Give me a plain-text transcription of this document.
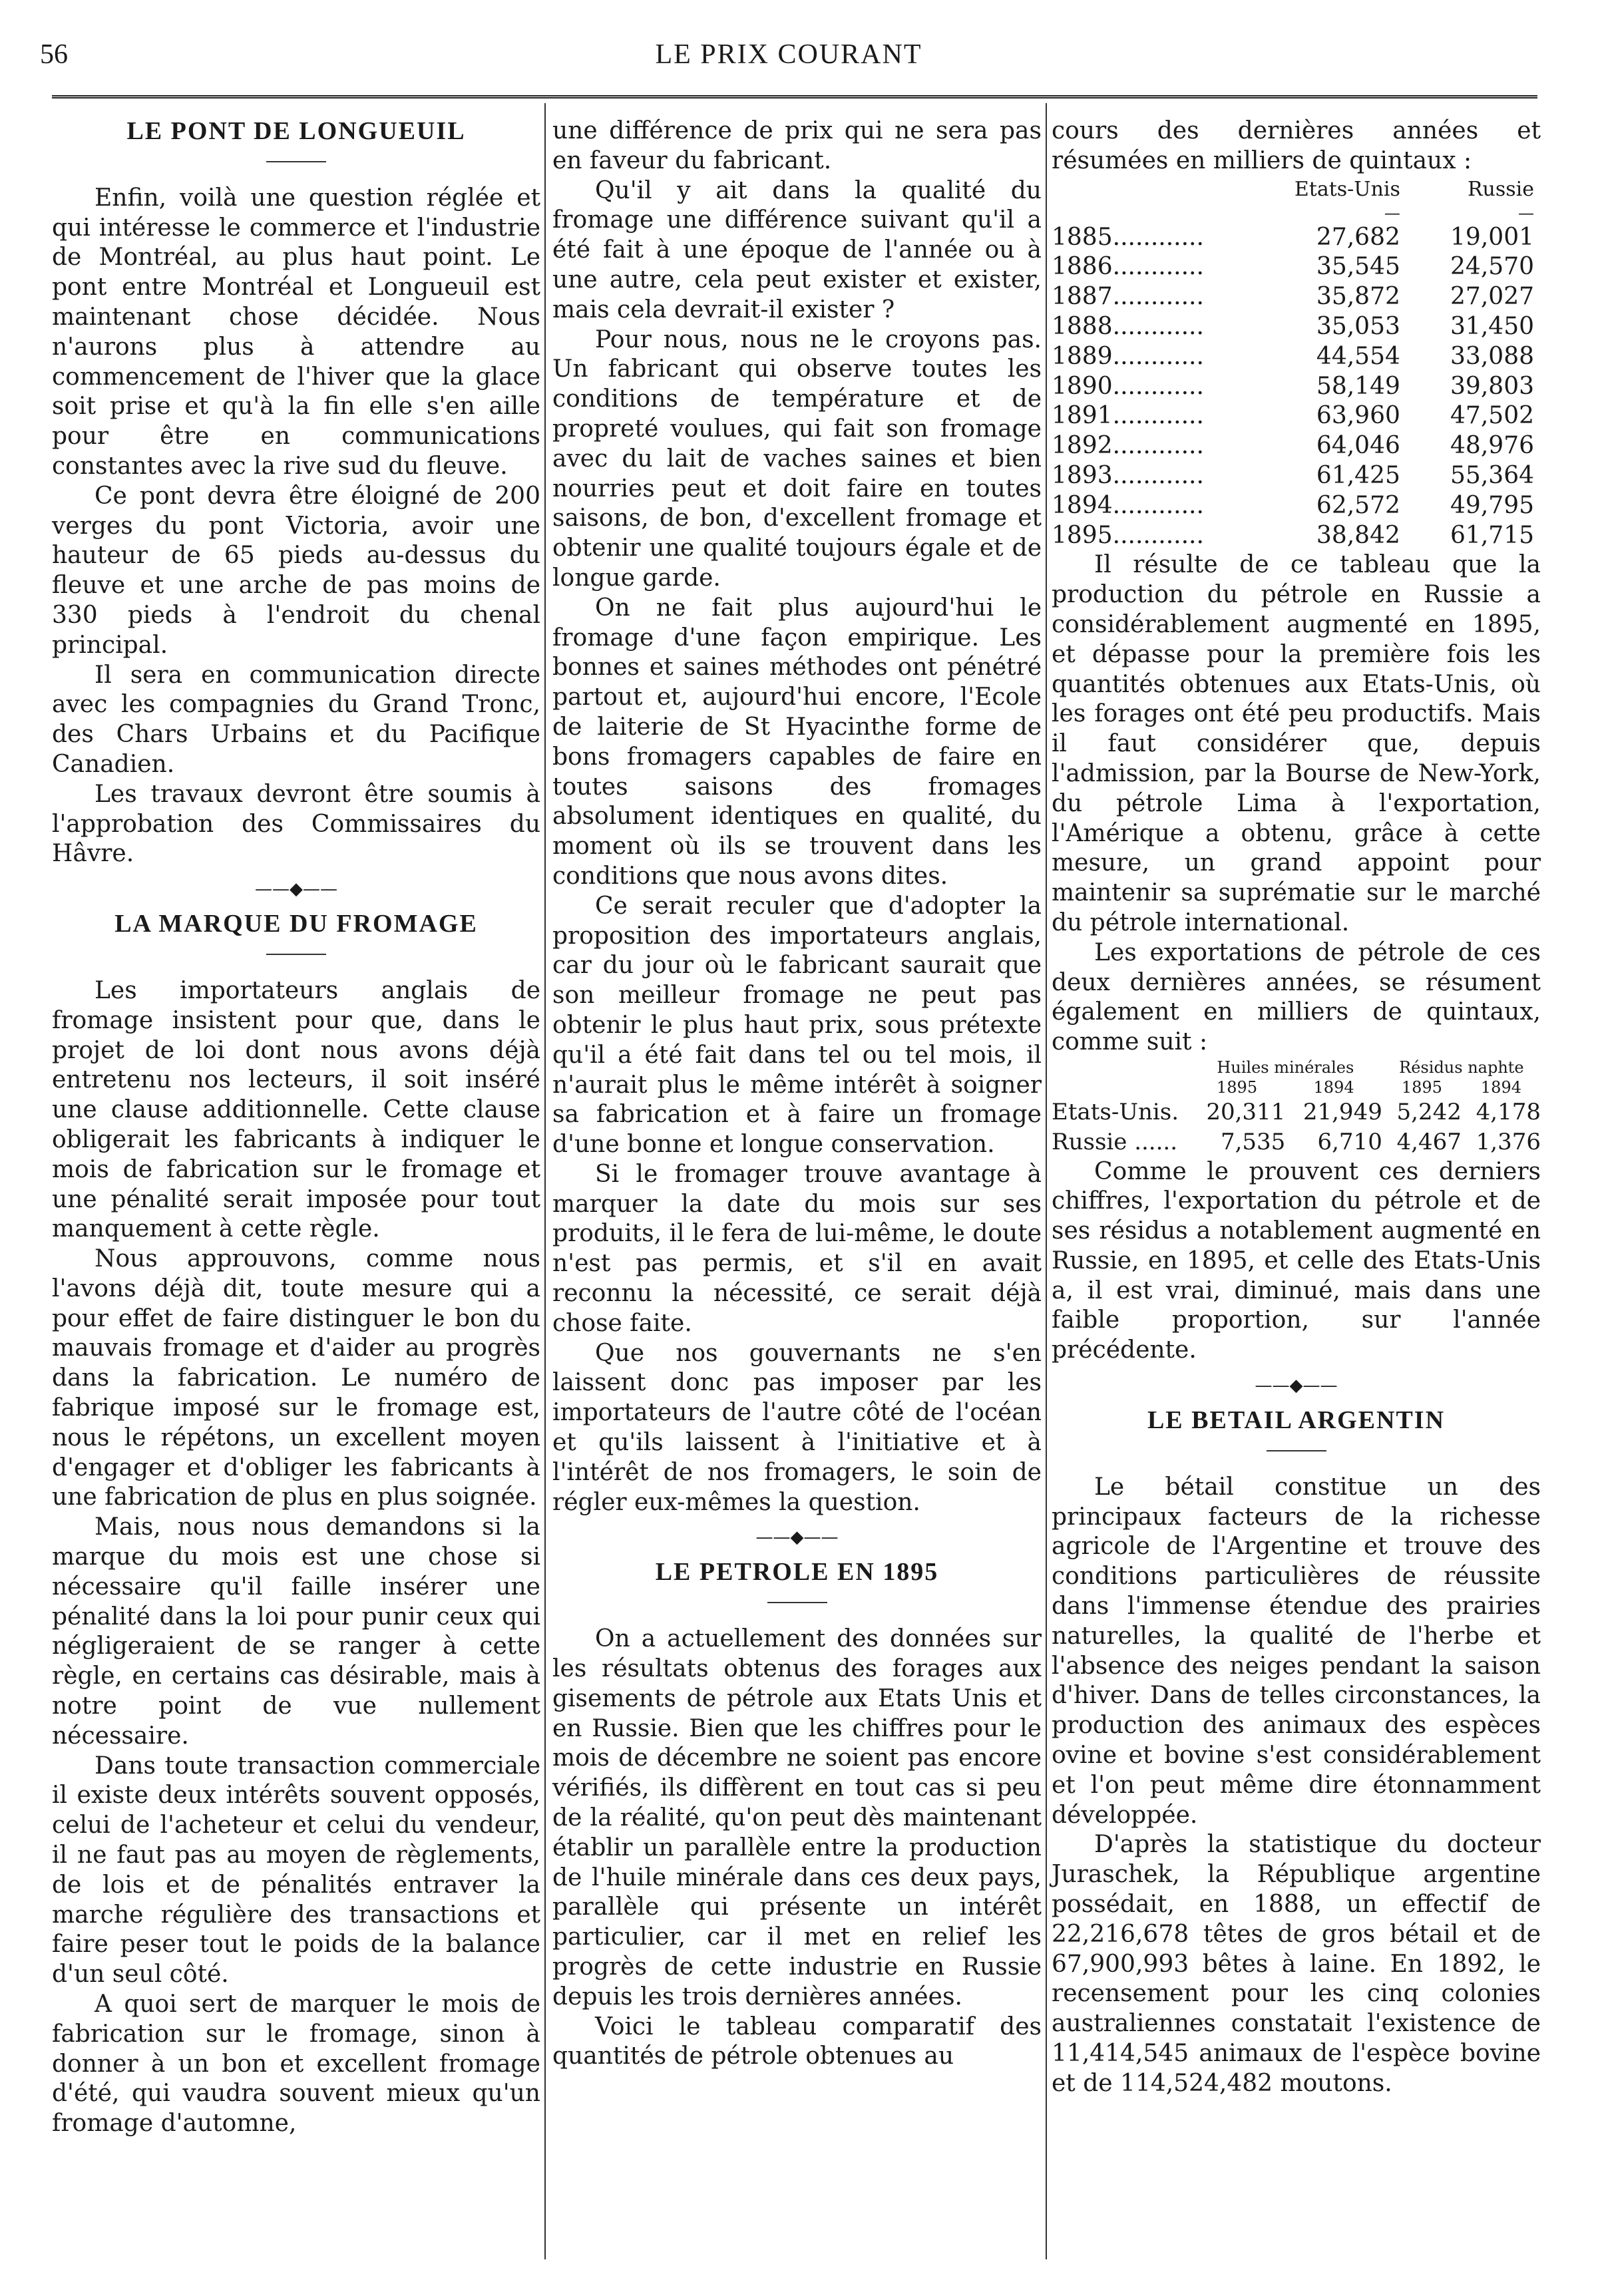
56	LE PRIX COURANT
LE PONT DE LONGUEUIL

Enfin, voilà une question réglée et qui intéresse le commerce et l'industrie de Montréal, au plus haut point. Le pont entre Montréal et Longueuil est maintenant chose décidée. Nous n'aurons plus à attendre au commencement de l'hiver que la glace soit prise et qu'à la fin elle s'en aille pour être en communications constantes avec la rive sud du fleuve.

Ce pont devra être éloigné de 200 verges du pont Victoria, avoir une hauteur de 65 pieds au-dessus du fleuve et une arche de pas moins de 330 pieds à l'endroit du chenal principal.

Il sera en communication directe avec les compagnies du Grand Tronc, des Chars Urbains et du Pacifique Canadien.

Les travaux devront être soumis à l'approbation des Commissaires du Hâvre.

——◆——
LA MARQUE DU FROMAGE

Les importateurs anglais de fromage insistent pour que, dans le projet de loi dont nous avons déjà entretenu nos lecteurs, il soit inséré une clause additionnelle. Cette clause obligerait les fabricants à indiquer le mois de fabrication sur le fromage et une pénalité serait imposée pour tout manquement à cette règle.

Nous approuvons, comme nous l'avons déjà dit, toute mesure qui a pour effet de faire distinguer le bon du mauvais fromage et d'aider au progrès dans la fabrication. Le numéro de fabrique imposé sur le fromage est, nous le répétons, un excellent moyen d'engager et d'obliger les fabricants à une fabrication de plus en plus soignée.

Mais, nous nous demandons si la marque du mois est une chose si nécessaire qu'il faille insérer une pénalité dans la loi pour punir ceux qui négligeraient de se ranger à cette règle, en certains cas désirable, mais à notre point de vue nullement nécessaire.

Dans toute transaction commerciale il existe deux intérêts souvent opposés, celui de l'acheteur et celui du vendeur, il ne faut pas au moyen de règlements, de lois et de pénalités entraver la marche régulière des transactions et faire peser tout le poids de la balance d'un seul côté.

A quoi sert de marquer le mois de fabrication sur le fromage, sinon à donner à un bon et excellent fromage d'été, qui vaudra souvent mieux qu'un fromage d'automne,

une différence de prix qui ne sera pas en faveur du fabricant.

Qu'il y ait dans la qualité du fromage une différence suivant qu'il a été fait à une époque de l'année ou à une autre, cela peut exister et exister, mais cela devrait-il exister ?

Pour nous, nous ne le croyons pas. Un fabricant qui observe toutes les conditions de température et de propreté voulues, qui fait son fromage avec du lait de vaches saines et bien nourries peut et doit faire en toutes saisons, de bon, d'excellent fromage et obtenir une qualité toujours égale et de longue garde.

On ne fait plus aujourd'hui le fromage d'une façon empirique. Les bonnes et saines méthodes ont pénétré partout et, aujourd'hui encore, l'Ecole de laiterie de St Hyacinthe forme de bons fromagers capables de faire en toutes saisons des fromages absolument identiques en qualité, du moment où ils se trouvent dans les conditions que nous avons dites.

Ce serait reculer que d'adopter la proposition des importateurs anglais, car du jour où le fabricant saurait que son meilleur fromage ne peut pas obtenir le plus haut prix, sous prétexte qu'il a été fait dans tel ou tel mois, il n'aurait plus le même intérêt à soigner sa fabrication et à faire un fromage d'une bonne et longue conservation.

Si le fromager trouve avantage à marquer la date du mois sur ses produits, il le fera de lui-même, le doute n'est pas permis, et s'il en avait reconnu la nécessité, ce serait déjà chose faite.

Que nos gouvernants ne s'en laissent donc pas imposer par les importateurs de l'autre côté de l'océan et qu'ils laissent à l'initiative et à l'intérêt de nos fromagers, le soin de régler eux-mêmes la question.

——◆——
LE PETROLE EN 1895

On a actuellement des données sur les résultats obtenus des forages aux gisements de pétrole aux Etats Unis et en Russie. Bien que les chiffres pour le mois de décembre ne soient pas encore vérifiés, ils diffèrent en tout cas si peu de la réalité, qu'on peut dès maintenant établir un parallèle entre la production de l'huile minérale dans ces deux pays, parallèle qui présente un intérêt particulier, car il met en relief les progrès de cette industrie en Russie depuis les trois dernières années.

Voici le tableau comparatif des quantités de pétrole obtenues au

cours des dernières années et résumées en milliers de quintaux :

	Etats-Unis	Russie
	—	—
1885............	27,682	19,001
1886............	35,545	24,570
1887............	35,872	27,027
1888............	35,053	31,450
1889............	44,554	33,088
1890............	58,149	39,803
1891............	63,960	47,502
1892............	64,046	48,976
1893............	61,425	55,364
1894............	62,572	49,795
1895............	38,842	61,715

Il résulte de ce tableau que la production du pétrole en Russie a considérablement augmenté en 1895, et dépasse pour la première fois les quantités obtenues aux Etats-Unis, où les forages ont été peu productifs. Mais il faut considérer que, depuis l'admission, par la Bourse de New-York, du pétrole Lima à l'exportation, l'Amérique a obtenu, grâce à cette mesure, un grand appoint pour maintenir sa suprématie sur le marché du pétrole international.

Les exportations de pétrole de ces deux dernières années, se résument également en milliers de quintaux, comme suit :

	Huiles minérales		Résidus naphte	
	1895	1894	1895	1894
Etats-Unis.	20,311	21,949	5,242	4,178
Russie ......	7,535	6,710	4,467	1,376

Comme le prouvent ces derniers chiffres, l'exportation du pétrole et de ses résidus a notablement augmenté en Russie, en 1895, et celle des Etats-Unis a, il est vrai, diminué, mais dans une faible proportion, sur l'année précédente.

——◆——
LE BETAIL ARGENTIN

Le bétail constitue un des principaux facteurs de la richesse agricole de l'Argentine et trouve des conditions particulières de réussite dans l'immense étendue des prairies naturelles, la qualité de l'herbe et l'absence des neiges pendant la saison d'hiver. Dans de telles circonstances, la production des animaux des espèces ovine et bovine s'est considérablement et l'on peut même dire étonnamment développée.

D'après la statistique du docteur Juraschek, la République argentine possédait, en 1888, un effectif de 22,216,678 têtes de gros bétail et de 67,900,993 bêtes à laine. En 1892, le recensement pour les cinq colonies australiennes constatait l'existence de 11,414,545 animaux de l'espèce bovine et de 114,524,482 moutons.
